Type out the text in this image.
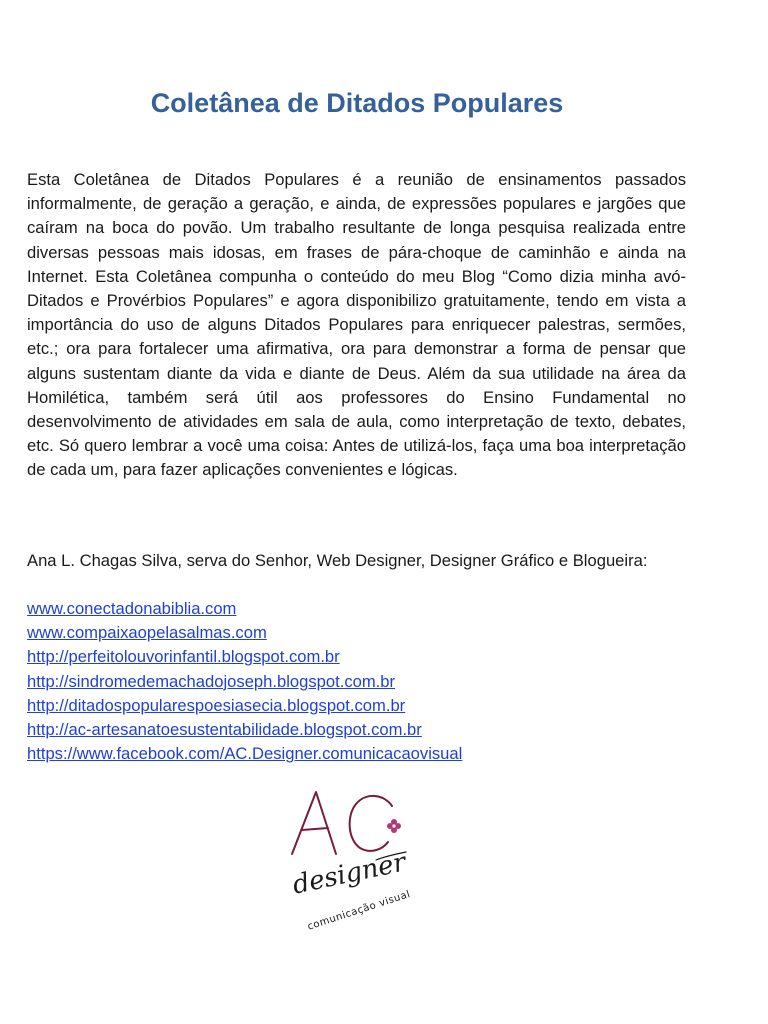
Coletânea de Ditados Populares

Esta Coletânea de Ditados Populares é a reunião de ensinamentos passados informalmente, de geração a geração, e ainda, de expressões populares e jargões que caíram na boca do povão. Um trabalho resultante de longa pesquisa realizada entre diversas pessoas mais idosas, em frases de pára-choque de caminhão e ainda na Internet. Esta Coletânea compunha o conteúdo do meu Blog “Como dizia minha avó- Ditados e Provérbios Populares” e agora disponibilizo gratuitamente, tendo em vista a importância do uso de alguns Ditados Populares para enriquecer palestras, sermões, etc.; ora para fortalecer uma afirmativa, ora para demonstrar a forma de pensar que alguns sustentam diante da vida e diante de Deus. Além da sua utilidade na área da Homilética, também será útil aos professores do Ensino Fundamental no desenvolvimento de atividades em sala de aula, como interpretação de texto, debates, etc. Só quero lembrar a você uma coisa: Antes de utilizá-los, faça uma boa interpretação de cada um, para fazer aplicações convenientes e lógicas.

Ana L. Chagas Silva, serva do Senhor, Web Designer, Designer Gráfico e Blogueira:

www.conectadonabiblia.com
www.compaixaopelasalmas.com
http://perfeitolouvorinfantil.blogspot.com.br
http://sindromedemachadojoseph.blogspot.com.br
http://ditadospopularespoesiasecia.blogspot.com.br
http://ac-artesanatoesustentabilidade.blogspot.com.br
https://www.facebook.com/AC.Designer.comunicacaovisual
designer
comunicação visual
